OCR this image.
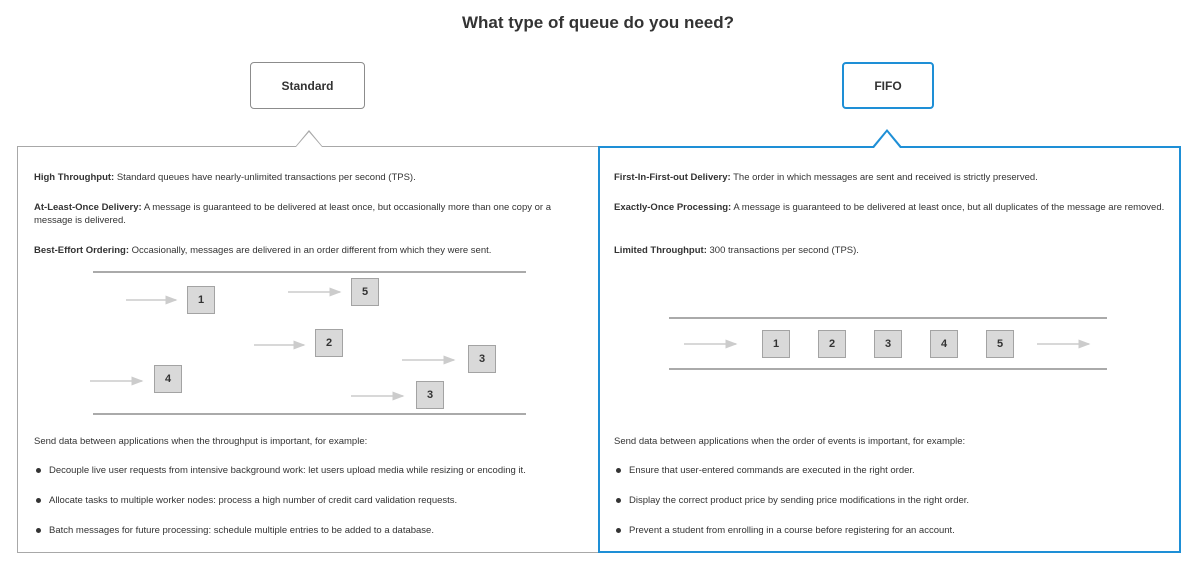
What type of queue do you need?
Standard	FIFO

High Throughput: Standard queues have nearly-unlimited transactions per second (TPS).

At-Least-Once Delivery: A message is guaranteed to be delivered at least once, but occasionally more than one copy or a message is delivered.

Best-Effort Ordering: Occasionally, messages are delivered in an order different from which they were sent.

1
5
2
3
4
3

Send data between applications when the throughput is important, for example:

Decouple live user requests from intensive background work: let users upload media while resizing or encoding it.
Allocate tasks to multiple worker nodes: process a high number of credit card validation requests.
Batch messages for future processing: schedule multiple entries to be added to a database.

First-In-First-out Delivery: The order in which messages are sent and received is strictly preserved.

Exactly-Once Processing: A message is guaranteed to be delivered at least once, but all duplicates of the message are removed.

Limited Throughput: 300 transactions per second (TPS).

1	2	3	4	5

Send data between applications when the order of events is important, for example:

Ensure that user-entered commands are executed in the right order.
Display the correct product price by sending price modifications in the right order.
Prevent a student from enrolling in a course before registering for an account.
